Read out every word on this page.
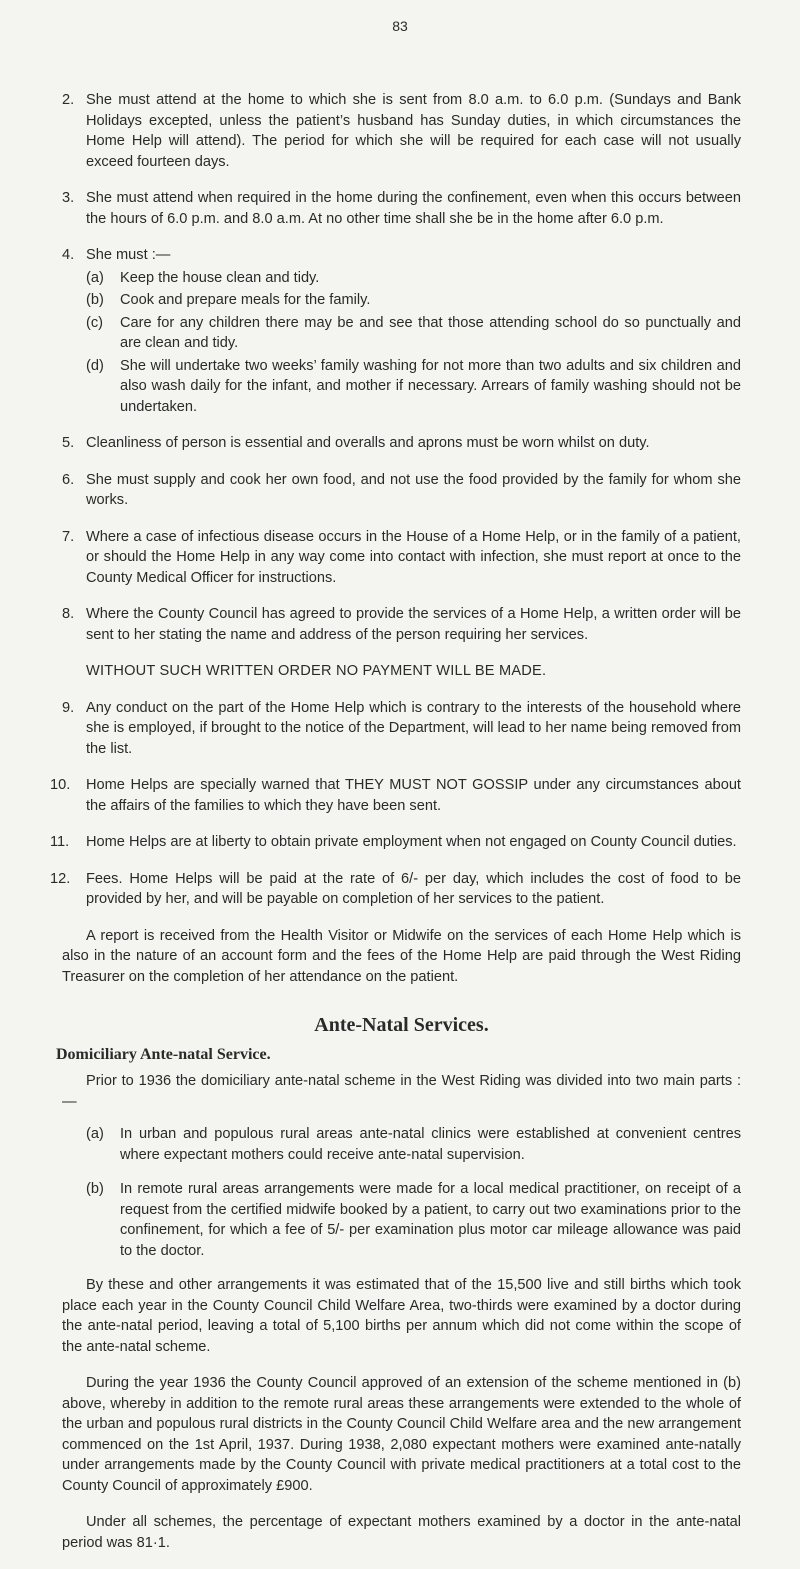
83
2. She must attend at the home to which she is sent from 8.0 a.m. to 6.0 p.m. (Sundays and Bank Holidays excepted, unless the patient’s husband has Sunday duties, in which circumstances the Home Help will attend). The period for which she will be required for each case will not usually exceed fourteen days.
3. She must attend when required in the home during the confinement, even when this occurs between the hours of 6.0 p.m. and 8.0 a.m. At no other time shall she be in the home after 6.0 p.m.
4. She must :—
(a)	Keep the house clean and tidy.
(b)	Cook and prepare meals for the family.
(c)	Care for any children there may be and see that those attending school do so punctually and are clean and tidy.
(d)	She will undertake two weeks’ family washing for not more than two adults and six children and also wash daily for the infant, and mother if necessary. Arrears of family washing should not be undertaken.
5. Cleanliness of person is essential and overalls and aprons must be worn whilst on duty.
6. She must supply and cook her own food, and not use the food provided by the family for whom she works.
7. Where a case of infectious disease occurs in the House of a Home Help, or in the family of a patient, or should the Home Help in any way come into contact with infection, she must report at once to the County Medical Officer for instructions.
8. Where the County Council has agreed to provide the services of a Home Help, a written order will be sent to her stating the name and address of the person requiring her services.
WITHOUT SUCH WRITTEN ORDER NO PAYMENT WILL BE MADE.
9. Any conduct on the part of the Home Help which is contrary to the interests of the household where she is employed, if brought to the notice of the Department, will lead to her name being removed from the list.
10.	Home Helps are specially warned that THEY MUST NOT GOSSIP under any circumstances about the affairs of the families to which they have been sent.
11.	Home Helps are at liberty to obtain private employment when not engaged on County Council duties.
12.	Fees. Home Helps will be paid at the rate of 6/- per day, which includes the cost of food to be provided by her, and will be payable on completion of her services to the patient.
A report is received from the Health Visitor or Midwife on the services of each Home Help which is also in the nature of an account form and the fees of the Home Help are paid through the West Riding Treasurer on the completion of her attendance on the patient.
Ante-Natal Services.
Domiciliary Ante-natal Service.
Prior to 1936 the domiciliary ante-natal scheme in the West Riding was divided into two main parts : —
(a)	In urban and populous rural areas ante-natal clinics were established at convenient centres where expectant mothers could receive ante-natal supervision.
(b)	In remote rural areas arrangements were made for a local medical practitioner, on receipt of a request from the certified midwife booked by a patient, to carry out two examinations prior to the confinement, for which a fee of 5/- per examination plus motor car mileage allowance was paid to the doctor.
By these and other arrangements it was estimated that of the 15,500 live and still births which took place each year in the County Council Child Welfare Area, two-thirds were examined by a doctor during the ante-natal period, leaving a total of 5,100 births per annum which did not come within the scope of the ante-natal scheme.
During the year 1936 the County Council approved of an extension of the scheme mentioned in (b) above, whereby in addition to the remote rural areas these arrangements were extended to the whole of the urban and populous rural districts in the County Council Child Welfare area and the new arrangement commenced on the 1st April, 1937. During 1938, 2,080 expectant mothers were examined ante-natally under arrangements made by the County Council with private medical practitioners at a total cost to the County Council of approximately £900.
Under all schemes, the percentage of expectant mothers examined by a doctor in the ante-natal period was 81·1.
